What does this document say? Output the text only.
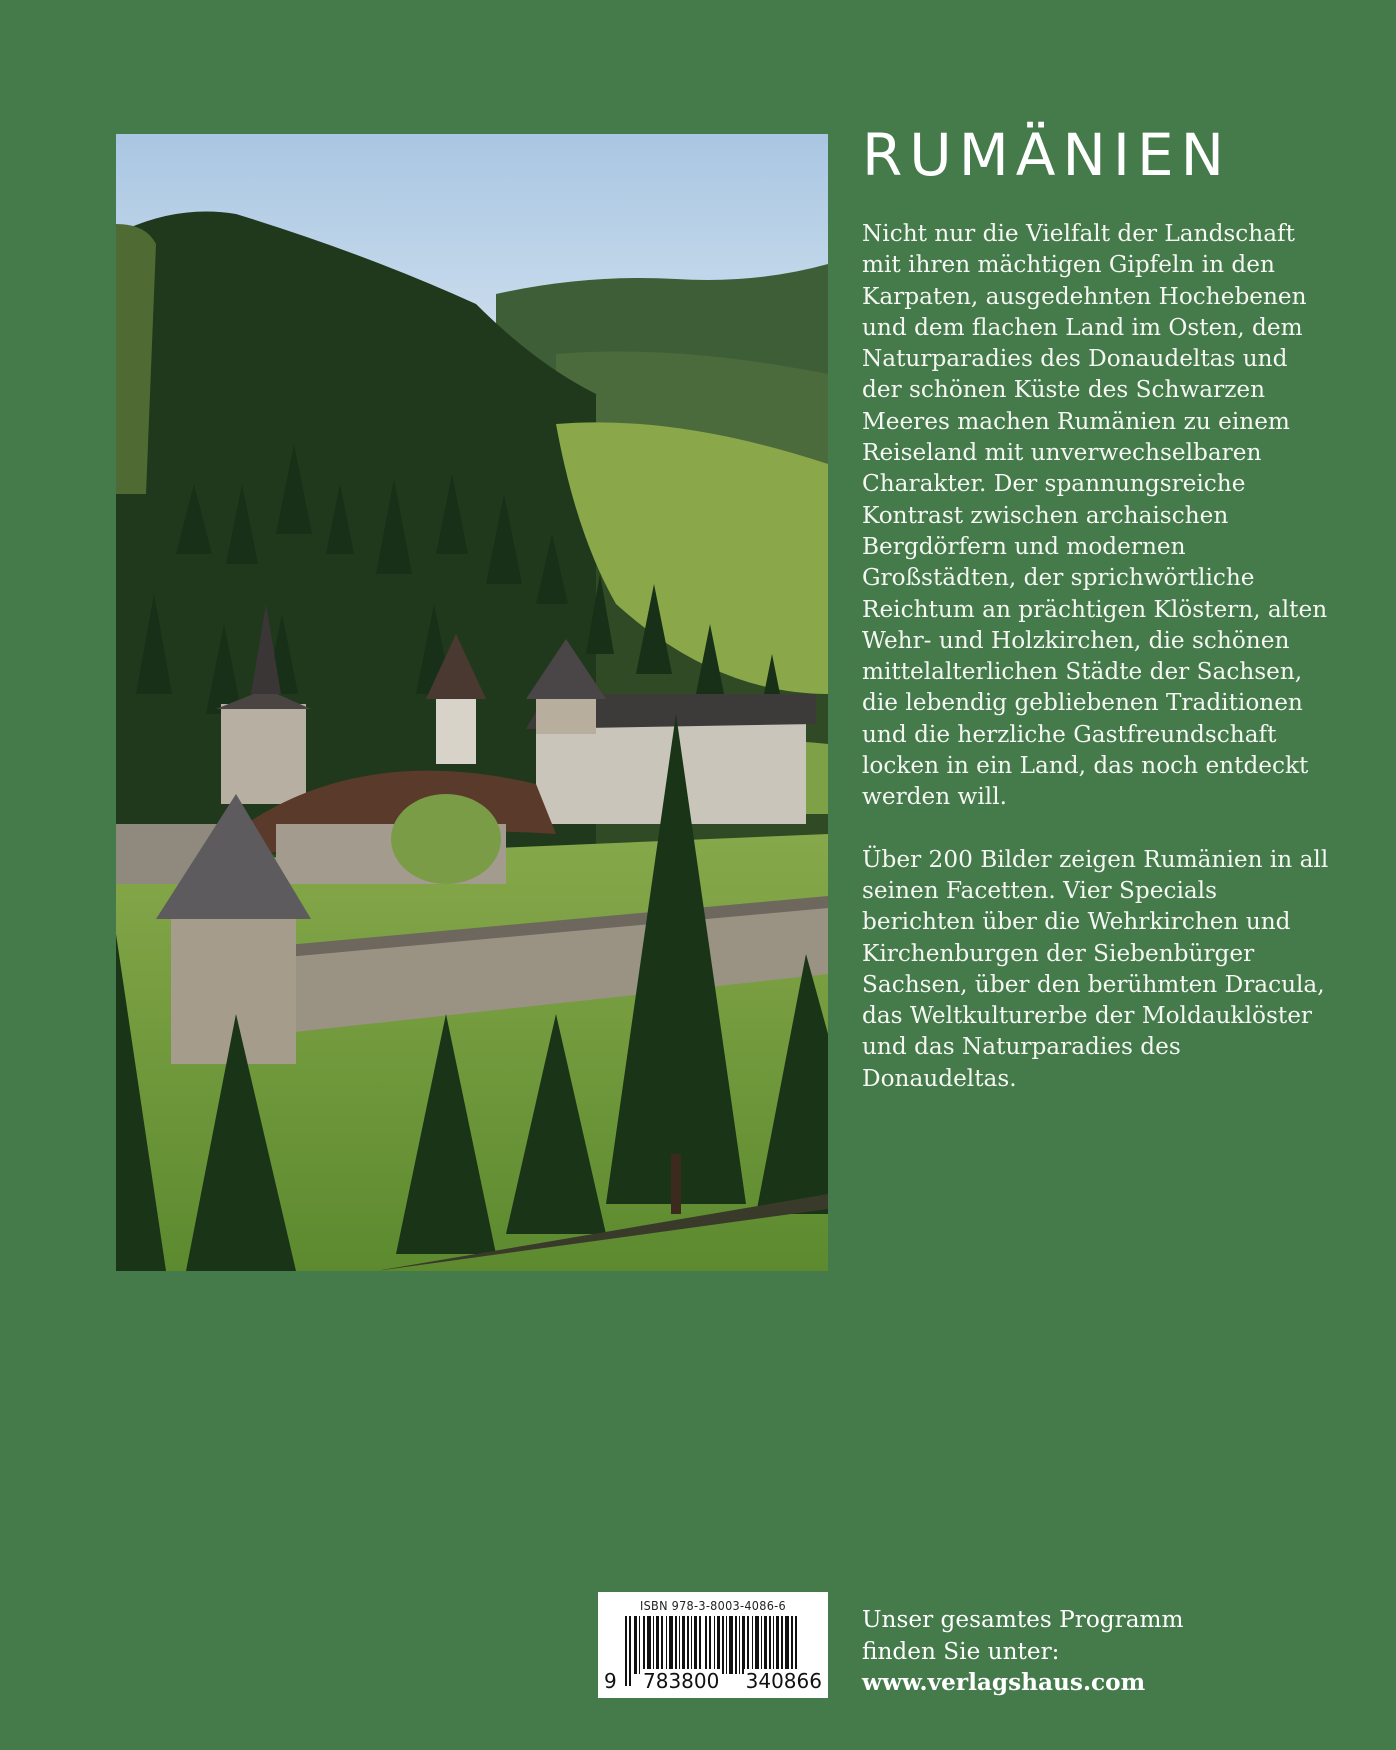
RUMÄNIEN

Nicht nur die Vielfalt der Landschaft mit ihren mächtigen Gipfeln in den Karpaten, ausgedehnten Hochebenen und dem flachen Land im Osten, dem Naturparadies des Donaudeltas und der schönen Küste des Schwarzen Meeres machen Rumänien zu einem Reiseland mit unverwechselbaren Charakter. Der spannungsreiche Kontrast zwischen archaischen Bergdörfern und modernen Großstädten, der sprichwörtliche Reichtum an prächtigen Klöstern, alten Wehr- und Holzkirchen, die schönen mittelalterlichen Städte der Sachsen, die lebendig gebliebenen Traditionen und die herzliche Gastfreundschaft locken in ein Land, das noch entdeckt werden will.

Über 200 Bilder zeigen Rumänien in all seinen Facetten. Vier Specials berichten über die Wehrkirchen und Kirchenburgen der Siebenbürger Sachsen, über den berühmten Dracula, das Weltkulturerbe der Moldauklöster und das Naturparadies des Donaudeltas.

ISBN 978-3-8003-4086-6
9 783800 340866
Unser gesamtes Programm
finden Sie unter:
www.verlagshaus.com
